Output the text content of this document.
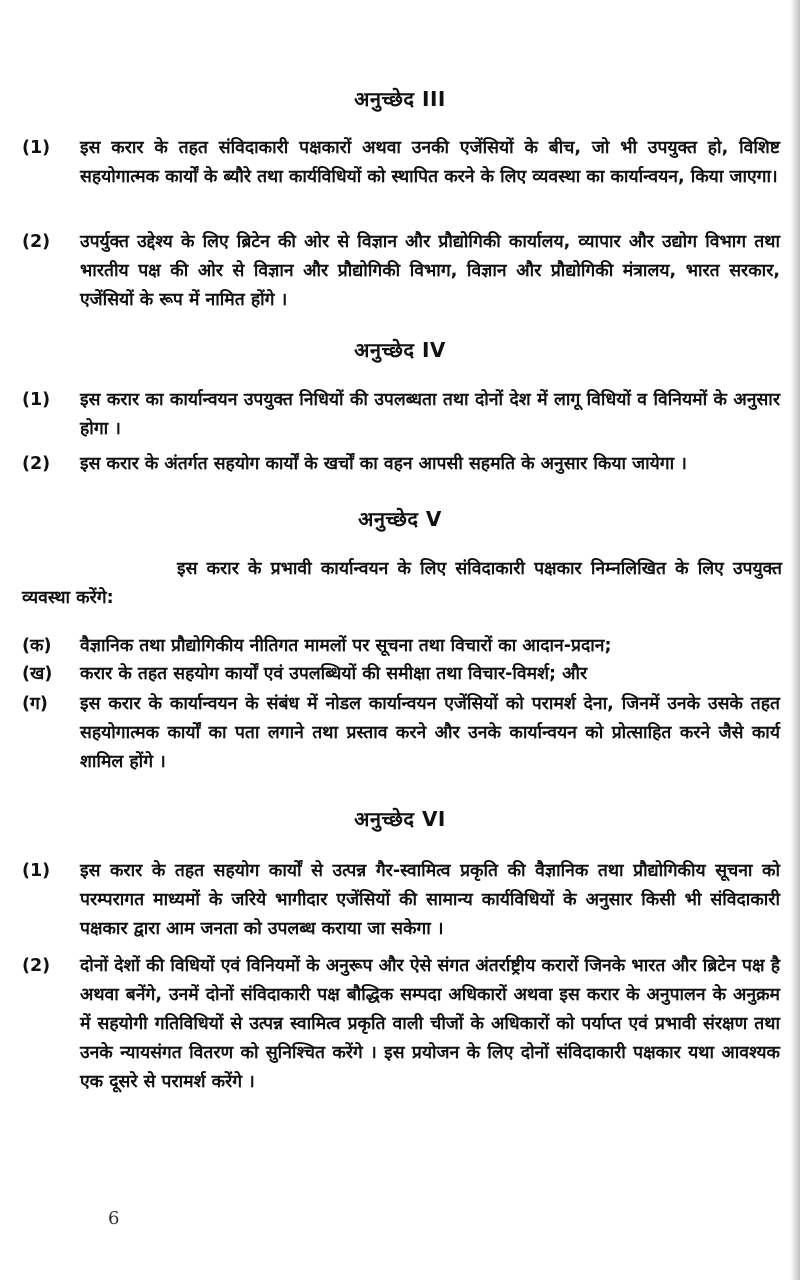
अनुच्छेद III
(1)	इस करार के तहत संविदाकारी पक्षकारों अथवा उनकी एजेंसियों के बीच, जो भी उपयुक्त हो, विशिष्ट सहयोगात्मक कार्यों के ब्यौरे तथा कार्यविधियों को स्थापित करने के लिए व्यवस्था का कार्यान्वयन, किया जाएगा।
(2)	उपर्युक्त उद्देश्य के लिए ब्रिटेन की ओर से विज्ञान और प्रौद्योगिकी कार्यालय, व्यापार और उद्योग विभाग तथा भारतीय पक्ष की ओर से विज्ञान और प्रौद्योगिकी विभाग, विज्ञान और प्रौद्योगिकी मंत्रालय, भारत सरकार, एजेंसियों के रूप में नामित होंगे ।
अनुच्छेद IV
(1)	इस करार का कार्यान्वयन उपयुक्त निधियों की उपलब्धता तथा दोनों देश में लागू विधियों व विनियमों के अनुसार होगा ।
(2)	इस करार के अंतर्गत सहयोग कार्यों के खर्चों का वहन आपसी सहमति के अनुसार किया जायेगा ।
अनुच्छेद V
इस करार के प्रभावी कार्यान्वयन के लिए संविदाकारी पक्षकार निम्नलिखित के लिए उपयुक्त व्यवस्था करेंगे:
(क)	वैज्ञानिक तथा प्रौद्योगिकीय नीतिगत मामलों पर सूचना तथा विचारों का आदान-प्रदान;
(ख)	करार के तहत सहयोग कार्यों एवं उपलब्धियों की समीक्षा तथा विचार-विमर्श; और
(ग)	इस करार के कार्यान्वयन के संबंध में नोडल कार्यान्वयन एजेंसियों को परामर्श देना, जिनमें उनके उसके तहत सहयोगात्मक कार्यों का पता लगाने तथा प्रस्ताव करने और उनके कार्यान्वयन को प्रोत्साहित करने जैसे कार्य शामिल होंगे ।
अनुच्छेद VI
(1)	इस करार के तहत सहयोग कार्यों से उत्पन्न गैर-स्वामित्व प्रकृति की वैज्ञानिक तथा प्रौद्योगिकीय सूचना को परम्परागत माध्यमों के जरिये भागीदार एजेंसियों की सामान्य कार्यविधियों के अनुसार किसी भी संविदाकारी पक्षकार द्वारा आम जनता को उपलब्ध कराया जा सकेगा ।
(2)	दोनों देशों की विधियों एवं विनियमों के अनुरूप और ऐसे संगत अंतर्राष्ट्रीय करारों जिनके भारत और ब्रिटेन पक्ष है अथवा बनेंगे, उनमें दोनों संविदाकारी पक्ष बौद्धिक सम्पदा अधिकारों अथवा इस करार के अनुपालन के अनुक्रम में सहयोगी गतिविधियों से उत्पन्न स्वामित्व प्रकृति वाली चीजों के अधिकारों को पर्याप्त एवं प्रभावी संरक्षण तथा उनके न्यायसंगत वितरण को सुनिश्चित करेंगे । इस प्रयोजन के लिए दोनों संविदाकारी पक्षकार यथा आवश्यक एक दूसरे से परामर्श करेंगे ।
6
